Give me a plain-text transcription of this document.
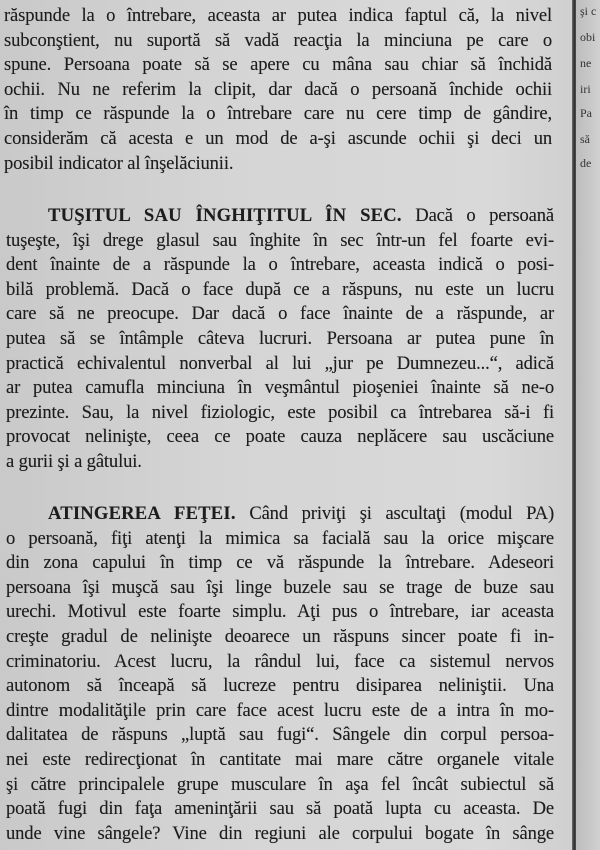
şi c
obi
ne
iri
Pa
să
de
răspunde la o întrebare, aceasta ar putea indica faptul că, la nivel
subconştient, nu suportă să vadă reacţia la minciuna pe care o
spune. Persoana poate să se apere cu mâna sau chiar să închidă
ochii. Nu ne referim la clipit, dar dacă o persoană închide ochii
în timp ce răspunde la o întrebare care nu cere timp de gândire,
considerăm că acesta e un mod de a-şi ascunde ochii şi deci un
posibil indicator al înşelăciunii.
TUŞITUL SAU ÎNGHIŢITUL ÎN SEC. Dacă o persoană
tuşeşte, îşi drege glasul sau înghite în sec într-un fel foarte evi-
dent înainte de a răspunde la o întrebare, aceasta indică o posi-
bilă problemă. Dacă o face după ce a răspuns, nu este un lucru
care să ne preocupe. Dar dacă o face înainte de a răspunde, ar
putea să se întâmple câteva lucruri. Persoana ar putea pune în
practică echivalentul nonverbal al lui „jur pe Dumnezeu...“, adică
ar putea camufla minciuna în veşmântul pioşeniei înainte să ne-o
prezinte. Sau, la nivel fiziologic, este posibil ca întrebarea să-i fi
provocat nelinişte, ceea ce poate cauza neplăcere sau uscăciune
a gurii şi a gâtului.
ATINGEREA FEŢEI. Când priviţi şi ascultaţi (modul PA)
o persoană, fiţi atenţi la mimica sa facială sau la orice mişcare
din zona capului în timp ce vă răspunde la întrebare. Adeseori
persoana îşi muşcă sau îşi linge buzele sau se trage de buze sau
urechi. Motivul este foarte simplu. Aţi pus o întrebare, iar aceasta
creşte gradul de nelinişte deoarece un răspuns sincer poate fi in-
criminatoriu. Acest lucru, la rândul lui, face ca sistemul nervos
autonom să înceapă să lucreze pentru disiparea neliniştii. Una
dintre modalităţile prin care face acest lucru este de a intra în mo-
dalitatea de răspuns „luptă sau fugi“. Sângele din corpul persoa-
nei este redirecţionat în cantitate mai mare către organele vitale
şi către principalele grupe musculare în aşa fel încât subiectul să
poată fugi din faţa ameninţării sau să poată lupta cu aceasta. De
unde vine sângele? Vine din regiuni ale corpului bogate în sânge
